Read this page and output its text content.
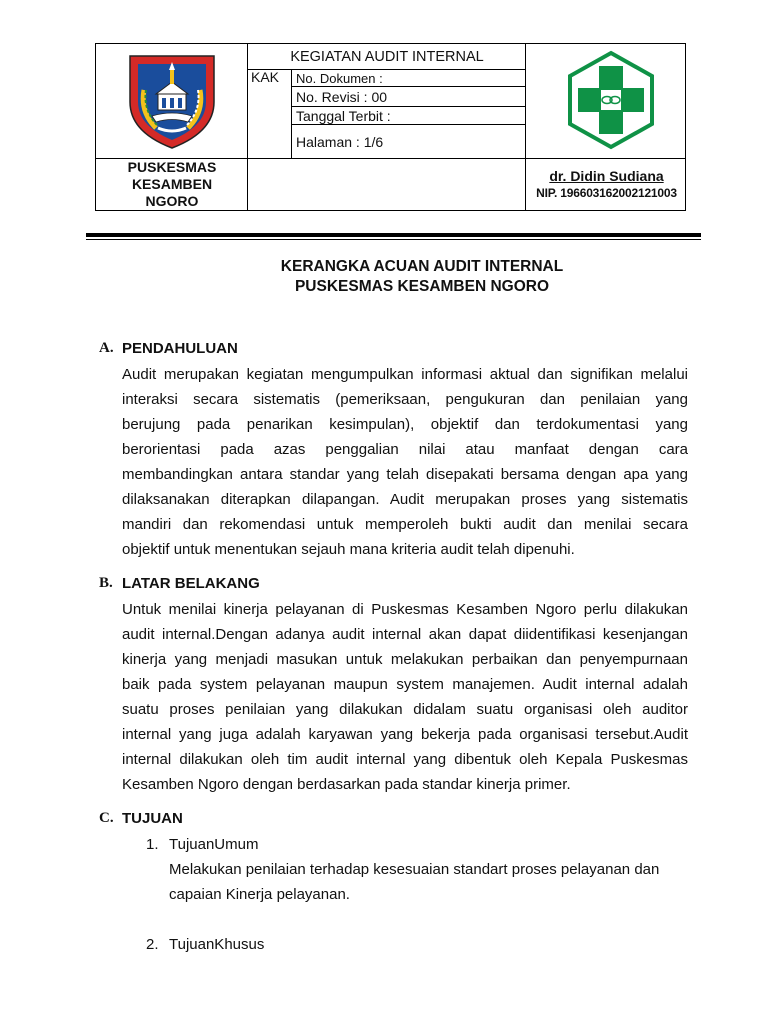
KEGIATAN AUDIT INTERNAL
KAK No. Dokumen :
No. Revisi : 00
Tanggal Terbit :
Halaman : 1/6
PUSKESMAS
KESAMBEN
NGORO
dr. Didin Sudiana
NIP. 196603162002121003
KERANGKA ACUAN AUDIT INTERNAL
PUSKESMAS KESAMBEN NGORO
A. PENDAHULUAN
Audit merupakan kegiatan mengumpulkan informasi aktual dan signifikan melalui
interaksi secara sistematis (pemeriksaan, pengukuran dan penilaian yang
berujung pada penarikan kesimpulan), objektif dan terdokumentasi yang
berorientasi pada azas penggalian nilai atau manfaat dengan cara
membandingkan antara standar yang telah disepakati bersama dengan apa yang
dilaksanakan diterapkan dilapangan. Audit merupakan proses yang sistematis
mandiri dan rekomendasi untuk memperoleh bukti audit dan menilai secara
objektif untuk menentukan sejauh mana kriteria audit telah dipenuhi.
B. LATAR BELAKANG
Untuk menilai kinerja pelayanan di Puskesmas Kesamben Ngoro perlu dilakukan
audit internal.Dengan adanya audit internal akan dapat diidentifikasi kesenjangan
kinerja yang menjadi masukan untuk melakukan perbaikan dan penyempurnaan
baik pada system pelayanan maupun system manajemen. Audit internal adalah
suatu proses penilaian yang dilakukan didalam suatu organisasi oleh auditor
internal yang juga adalah karyawan yang bekerja pada organisasi tersebut.Audit
internal dilakukan oleh tim audit internal yang dibentuk oleh Kepala Puskesmas
Kesamben Ngoro dengan berdasarkan pada standar kinerja primer.
C. TUJUAN
1. TujuanUmum
Melakukan penilaian terhadap kesesuaian standart proses pelayanan dan
capaian Kinerja pelayanan.
2. TujuanKhusus
